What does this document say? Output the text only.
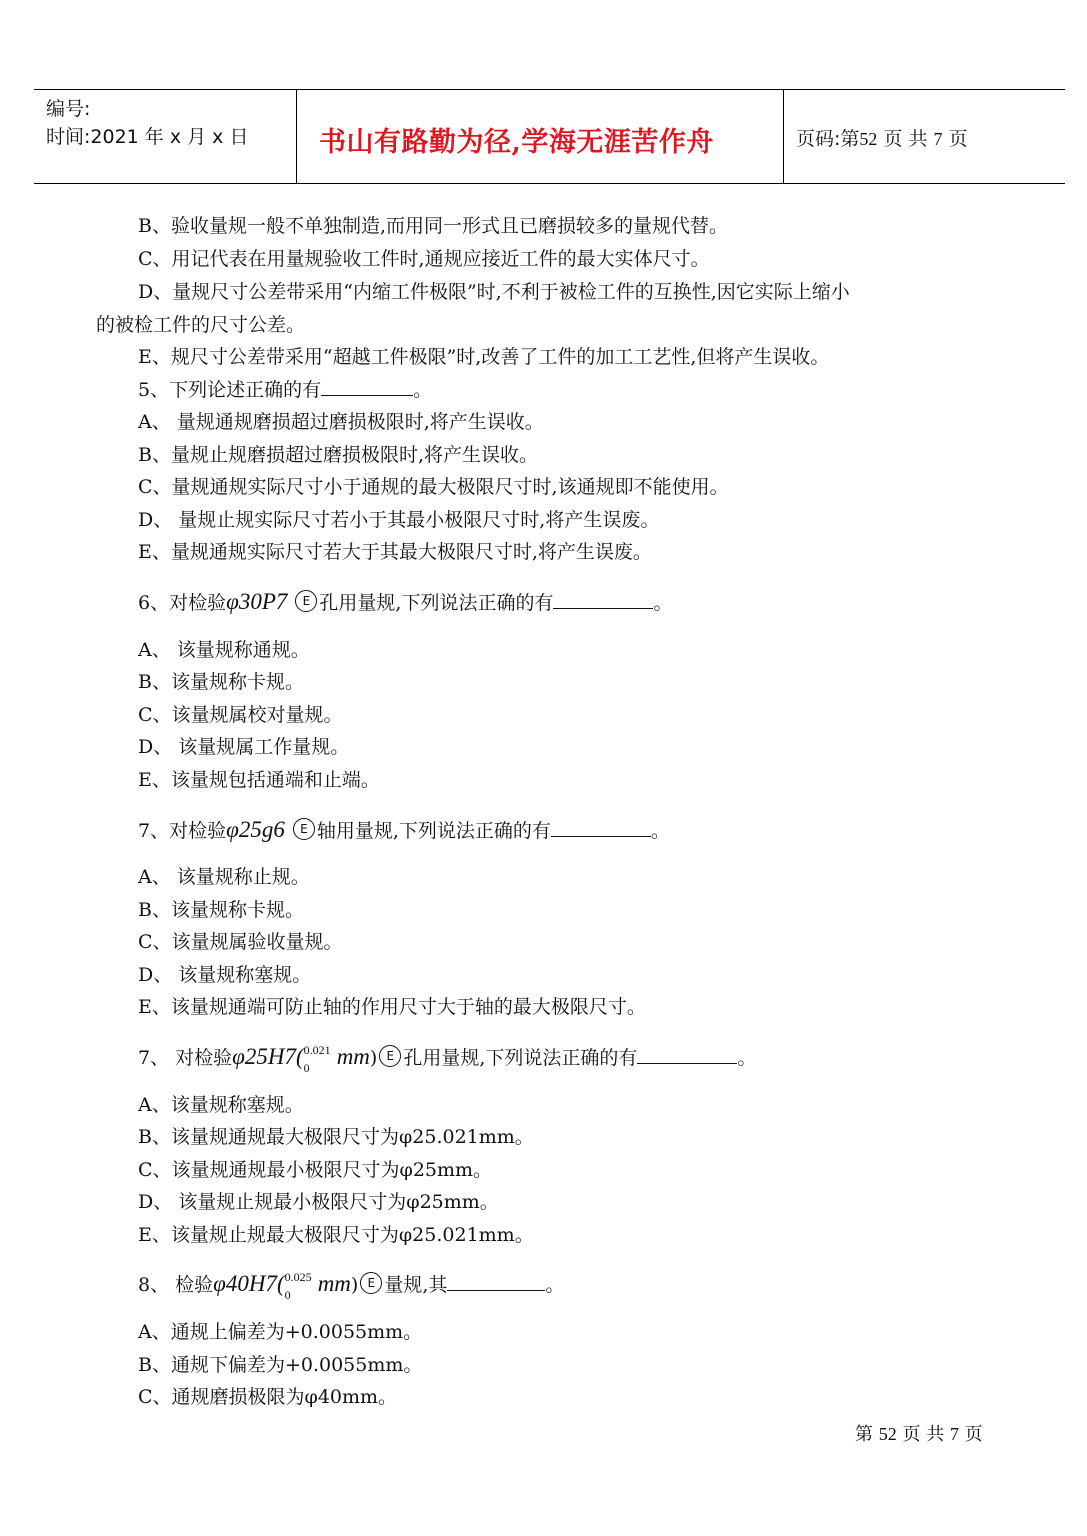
编号:
时间:2021 年 x 月 x 日	书山有路勤为径,学海无涯苦作舟	页码:第52 页 共 7 页
B、验收量规一般不单独制造,而用同一形式且已磨损较多的量规代替。
C、用记代表在用量规验收工件时,通规应接近工件的最大实体尺寸。
D、量规尺寸公差带采用“内缩工件极限”时,不利于被检工件的互换性,因它实际上缩小
的被检工件的尺寸公差。
E、规尺寸公差带采用“超越工件极限”时,改善了工件的加工工艺性,但将产生误收。
5、下列论述正确的有	。
A、 量规通规磨损超过磨损极限时,将产生误收。
B、量规止规磨损超过磨损极限时,将产生误收。
C、量规通规实际尺寸小于通规的最大极限尺寸时,该通规即不能使用。
D、 量规止规实际尺寸若小于其最小极限尺寸时,将产生误废。
E、量规通规实际尺寸若大于其最大极限尺寸时,将产生误废。
6、对检验φ30P7 E 孔用量规,下列说法正确的有	。
A、 该量规称通规。
B、该量规称卡规。
C、该量规属校对量规。
D、 该量规属工作量规。
E、该量规包括通端和止端。
7、对检验φ25g6 E 轴用量规,下列说法正确的有	。
A、 该量规称止规。
B、该量规称卡规。
C、该量规属验收量规。
D、 该量规称塞规。
E、该量规通端可防止轴的作用尺寸大于轴的最大极限尺寸。
7、 对检验$\varphi 25H7(_0^{0.021}$ mm) E 孔用量规,下列说法正确的有	。
A、该量规称塞规。
B、该量规通规最大极限尺寸为φ25.021mm。
C、该量规通规最小极限尺寸为φ25mm。
D、 该量规止规最小极限尺寸为φ25mm。
E、该量规止规最大极限尺寸为φ25.021mm。
8、 检验$\varphi 40H7(_0^{0.025}$ mm) E 量规,其	。
A、通规上偏差为+0.0055mm。
B、通规下偏差为+0.0055mm。
C、通规磨损极限为φ40mm。
第 52 页 共 7 页
